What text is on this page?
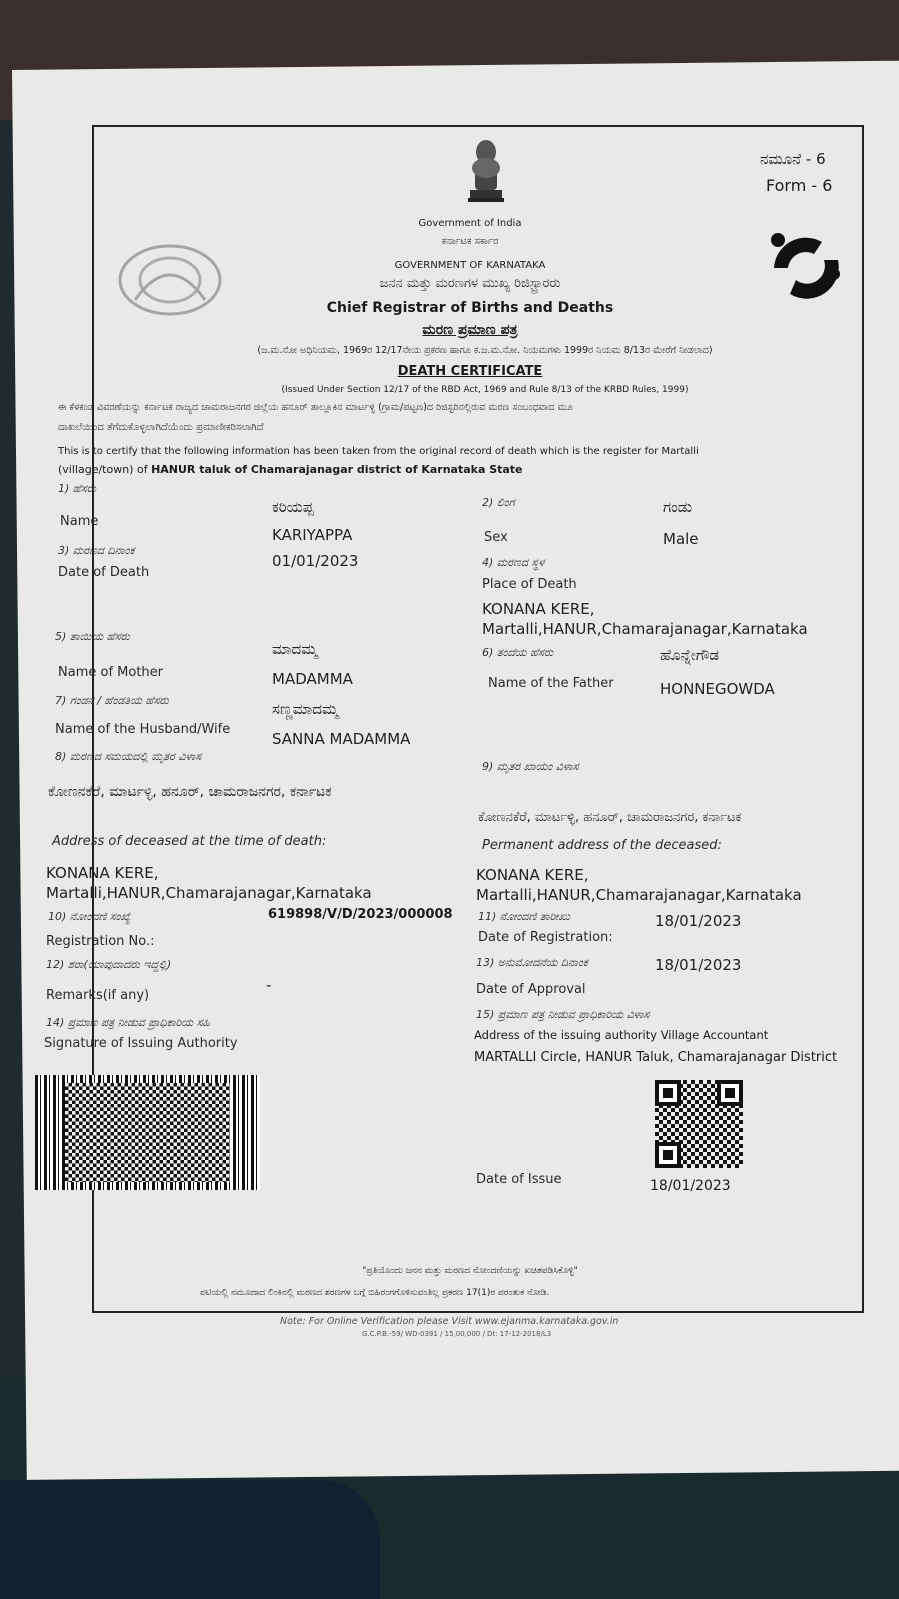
ನಮೂನೆ - 6
Form - 6
Government of India
ಕರ್ನಾಟಕ ಸರ್ಕಾರ
GOVERNMENT OF KARNATAKA
ಜನನ ಮತ್ತು ಮರಣಗಳ ಮುಖ್ಯ ರಿಜಿಸ್ಟ್ರಾರರು
Chief Registrar of Births and Deaths
ಮರಣ ಪ್ರಮಾಣ ಪತ್ರ
(ಜ.ಮ.ನೋ ಅಧಿನಿಯಮ, 1969ರ 12/17ನೇಯ ಪ್ರಕರಣ ಹಾಗೂ ಕ.ಜ.ಮ.ನೋ. ನಿಯಮಗಳು 1999ರ ನಿಯಮ 8/13ರ ಮೇರೆಗೆ ನೀಡಲಾದ)
DEATH CERTIFICATE
(Issued Under Section 12/17 of the RBD Act, 1969 and Rule 8/13 of the KRBD Rules, 1999)
ಈ ಕೆಳಕಂಡ ವಿವರಣೆಯನ್ನು ಕರ್ನಾಟಕ ರಾಜ್ಯದ ಚಾಮರಾಜನಗರ ಜಿಲ್ಲೆಯ ಹನೂರ್ ತಾಲ್ಲೂಕಿನ ಮಾರ್ಟಳ್ಳಿ (ಗ್ರಾಮ/ಪಟ್ಟಣ)ದ ರಿಜಿಸ್ಟರಿನಲ್ಲಿರುವ ಮರಣ ಸಂಬಂಧವಾದ ಮೂ
ದಾಖಲೆಯಿಂದ ತೆಗೆದುಕೊಳ್ಳಲಾಗಿದೆಯೆಂದು ಪ್ರಮಾಣೀಕರಿಸಲಾಗಿದೆ
This is to certify that the following information has been taken from the original record of death which is the register for Martalli
(village/town) of HANUR taluk of Chamarajanagar district of Karnataka State
1) ಹೆಸರು
Name
ಕರಿಯಪ್ಪ
KARIYAPPA
2) ಲಿಂಗ
Sex
ಗಂಡು
Male
3) ಮರಣದ ದಿನಾಂಕ
Date of Death
01/01/2023	4) ಮರಣದ ಸ್ಥಳ
Place of Death
KONANA KERE,
Martalli,HANUR,Chamarajanagar,Karnataka
5) ತಾಯಿಯ ಹೆಸರು
Name of Mother
ಮಾದಮ್ಮ
MADAMMA
6) ತಂದೆಯ ಹೆಸರು
Name of the Father
ಹೊನ್ನೇಗೌಡ
HONNEGOWDA
7) ಗಂಡನ / ಹೆಂಡತಿಯ ಹೆಸರು
Name of the Husband/Wife
ಸಣ್ಣಮಾದಮ್ಮ
SANNA MADAMMA
8) ಮರಣದ ಸಮಯದಲ್ಲಿ ಮೃತರ ವಿಳಾಸ
ಕೋಣನಕೆರೆ, ಮಾರ್ಟಳ್ಳಿ, ಹನೂರ್, ಚಾಮರಾಜನಗರ, ಕರ್ನಾಟಕ
Address of deceased at the time of death:
KONANA KERE,
Martalli,HANUR,Chamarajanagar,Karnataka
9) ಮೃತರ ಖಾಯಂ ವಿಳಾಸ
ಕೋಣನಕೆರೆ, ಮಾರ್ಟಳ್ಳಿ, ಹನೂರ್, ಚಾಮರಾಜನಗರ, ಕರ್ನಾಟಕ
Permanent address of the deceased:
KONANA KERE,
Martalli,HANUR,Chamarajanagar,Karnataka
10) ನೋಂದಣಿ ಸಂಖ್ಯೆ
Registration No.:
619898/V/D/2023/000008 11) ನೋಂದಣಿ ತಾರೀಖು
Date of Registration:
18/01/2023
12) ಶರಾ(ಯಾವುದಾದರು ಇದ್ದಲ್ಲಿ)
Remarks(if any)
-
13) ಅನುಮೋದನೆಯ ದಿನಾಂಕ
Date of Approval
18/01/2023
14) ಪ್ರಮಾಣ ಪತ್ರ ನೀಡುವ ಪ್ರಾಧಿಕಾರಿಯ ಸಹಿ
Signature of Issuing Authority
15) ಪ್ರಮಾಣ ಪತ್ರ ನೀಡುವ ಪ್ರಾಧಿಕಾರಿಯ ವಿಳಾಸ
Address of the issuing authority Village Accountant
MARTALLI Circle, HANUR Taluk, Chamarajanagar District
Date of Issue	18/01/2023
"ಪ್ರತಿಯೊಂದು ಜನನ ಮತ್ತು ಮರಣದ ನೋಂದಣಿಯನ್ನು ಖಚಿತಪಡಿಸಿಕೊಳ್ಳಿ"
ಪಟಿಯಲ್ಲಿ ನಮೂದಾದ ಲಿಂಕಿನಲ್ಲಿ ಮರಣದ ಶರಣಗಳ ಬಗ್ಗೆ ಬಿಹಿರಂಗಗೊಳಿಸುವಂತಿಲ್ಲ ಪ್ರಕರಣ 17(1)ರ ಪರಂತುಕ ನೋಡಿ.
Note: For Online Verification please Visit www.ejanma.karnataka.gov.in
G.C.P.B.-59/ WD-0391 / 15,00,000 / Dt: 17-12-2018/L3
